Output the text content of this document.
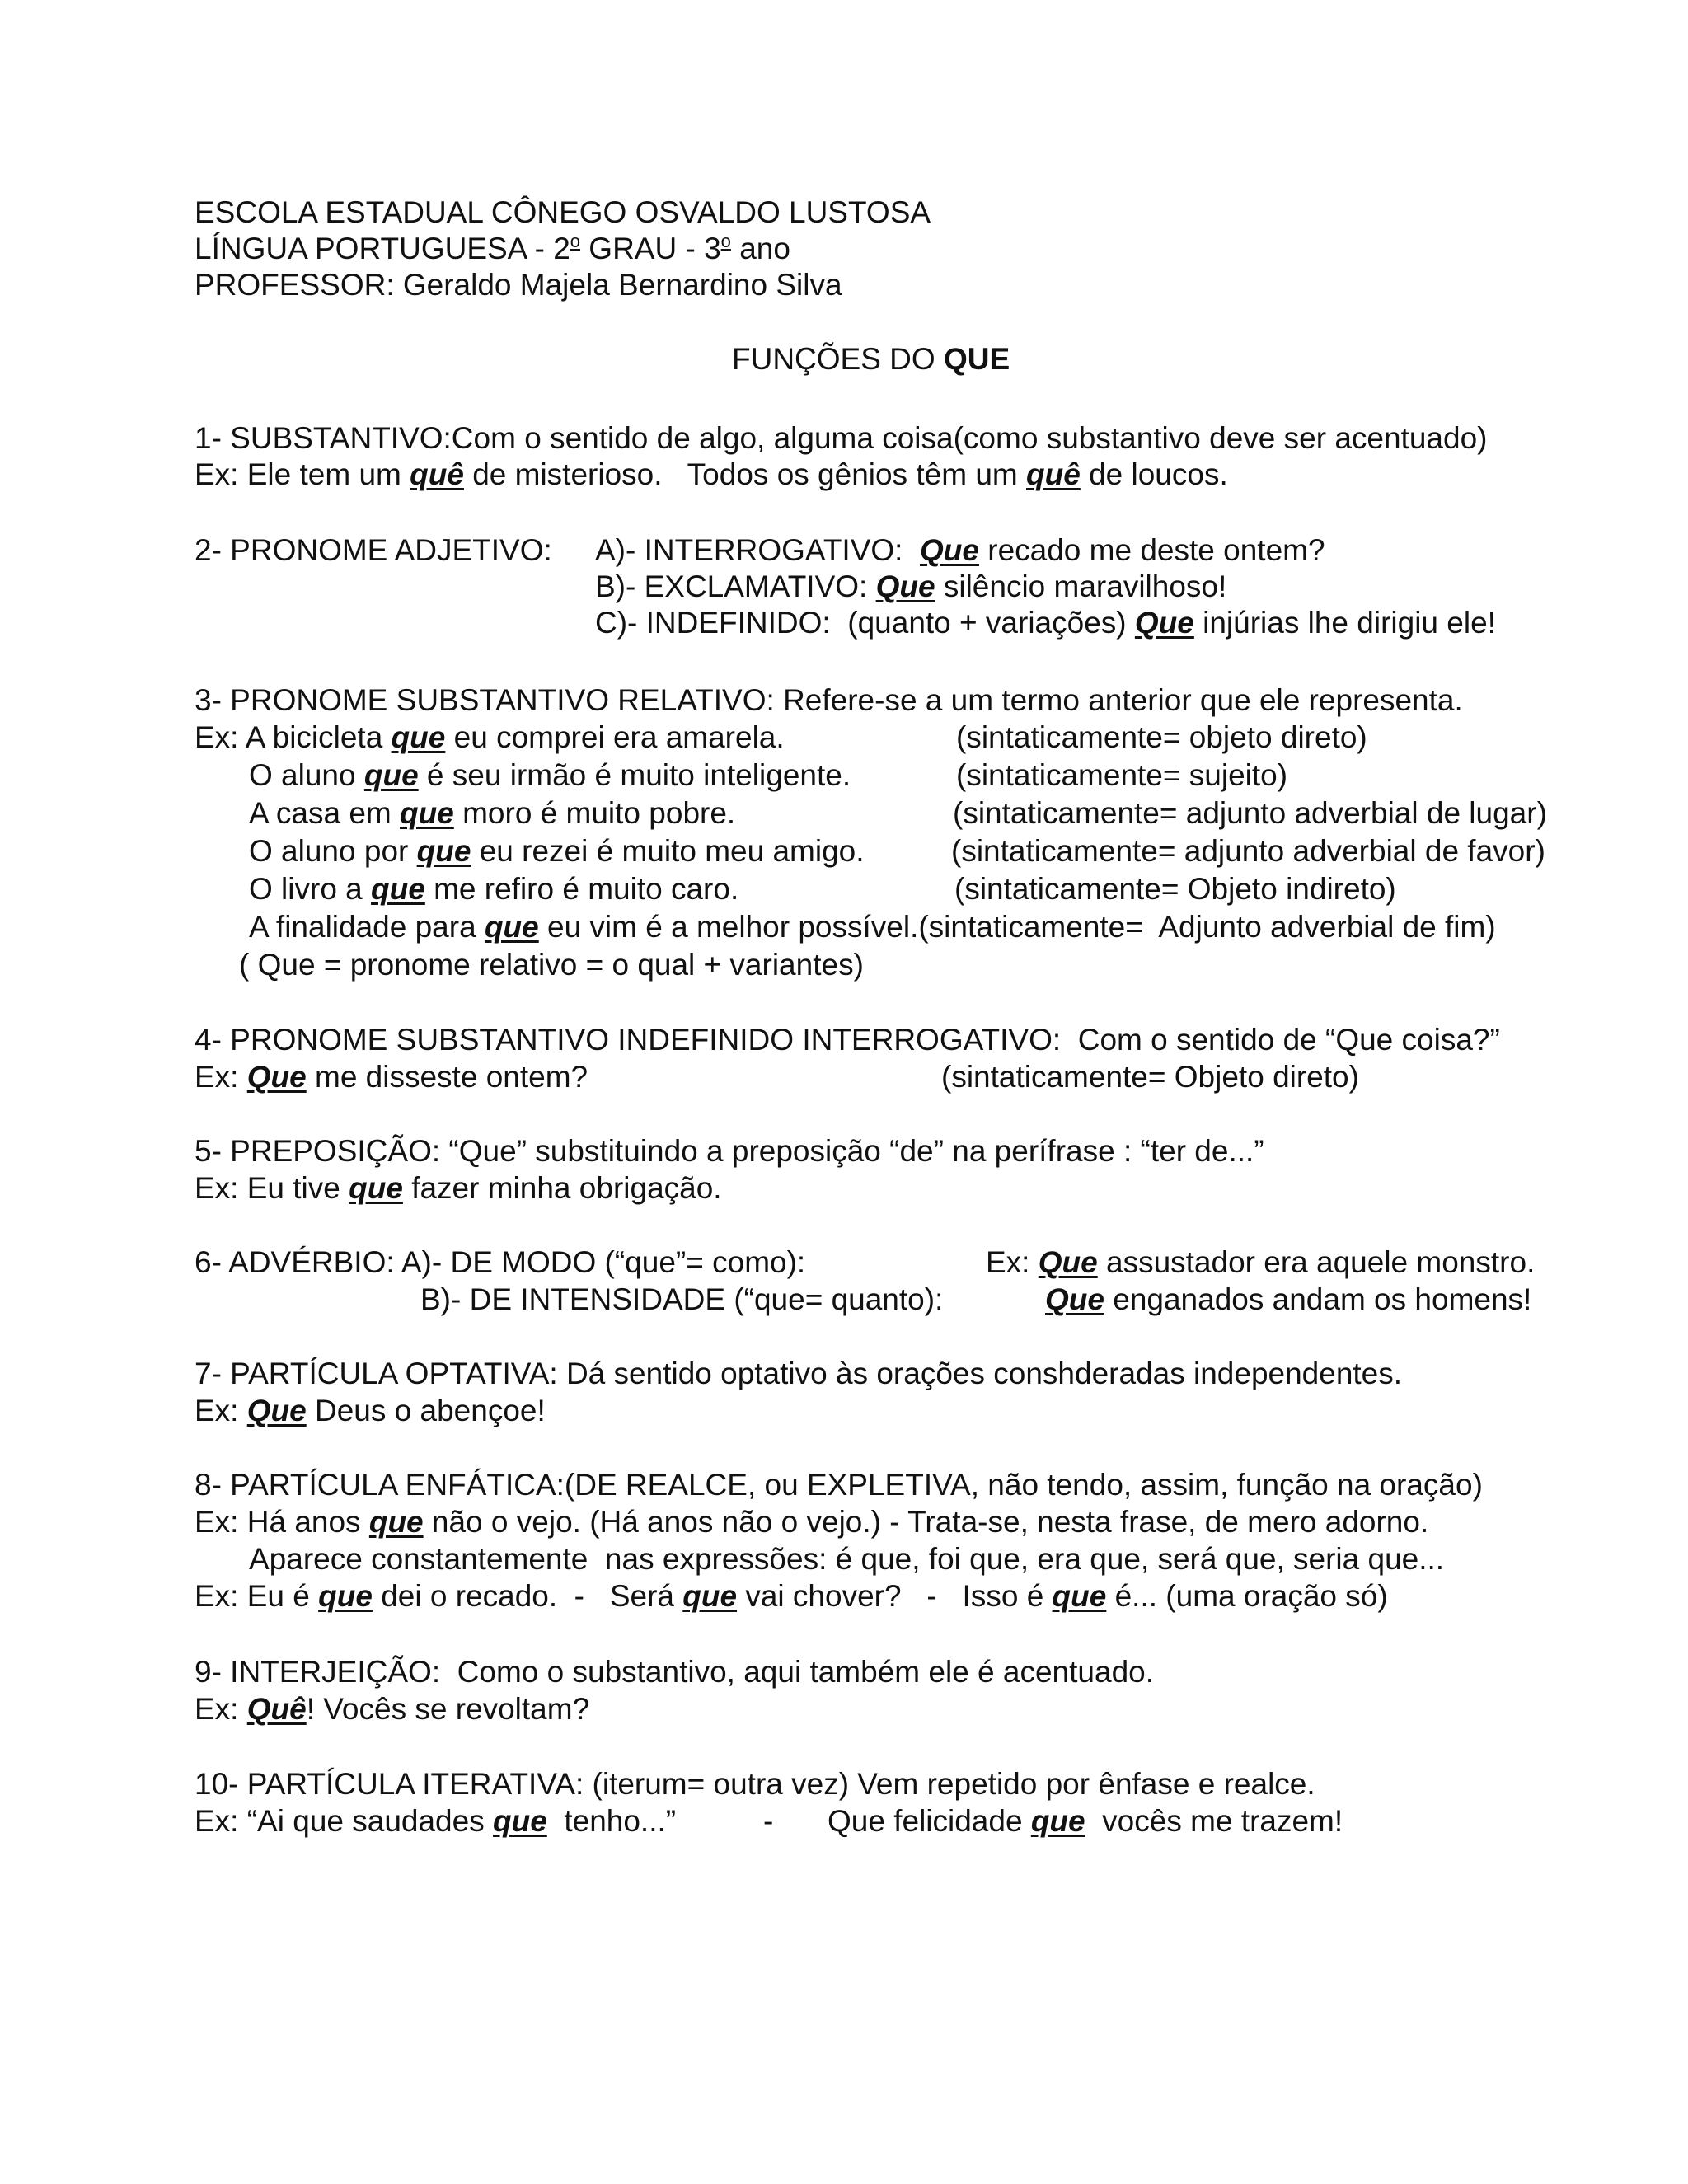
ESCOLA ESTADUAL CÔNEGO OSVALDO LUSTOSA
LÍNGUA PORTUGUESA - 2$^o$ GRAU - 3$^o$ ano
PROFESSOR: Geraldo Majela Bernardino Silva
FUNÇÕES DO QUE
1- SUBSTANTIVO:Com o sentido de algo, alguma coisa(como substantivo deve ser acentuado)
Ex: Ele tem um quê de misterioso.   Todos os gênios têm um quê de loucos.
2- PRONOME ADJETIVO: A)- INTERROGATIVO:  Que recado me deste ontem?
B)- EXCLAMATIVO: Que silêncio maravilhoso!
C)- INDEFINIDO:  (quanto + variações) Que injúrias lhe dirigiu ele!
3- PRONOME SUBSTANTIVO RELATIVO: Refere-se a um termo anterior que ele representa.
Ex: A bicicleta que eu comprei era amarela.	(sintaticamente= objeto direto)
O aluno que é seu irmão é muito inteligente.	(sintaticamente= sujeito)
A casa em que moro é muito pobre.	(sintaticamente= adjunto adverbial de lugar)
O aluno por que eu rezei é muito meu amigo.	(sintaticamente= adjunto adverbial de favor)
O livro a que me refiro é muito caro.	(sintaticamente= Objeto indireto)
A finalidade para que eu vim é a melhor possível.(sintaticamente=  Adjunto adverbial de fim)
( Que = pronome relativo = o qual + variantes)
4- PRONOME SUBSTANTIVO INDEFINIDO INTERROGATIVO:  Com o sentido de “Que coisa?”
Ex: Que me disseste ontem?	(sintaticamente= Objeto direto)
5- PREPOSIÇÃO: “Que” substituindo a preposição “de” na perífrase : “ter de...”
Ex: Eu tive que fazer minha obrigação.
6- ADVÉRBIO: A)- DE MODO (“que”= como):	Ex: Que assustador era aquele monstro.
B)- DE INTENSIDADE (“que= quanto):	Que enganados andam os homens!
7- PARTÍCULA OPTATIVA: Dá sentido optativo às orações conshderadas independentes.
Ex: Que Deus o abençoe!
8- PARTÍCULA ENFÁTICA:(DE REALCE, ou EXPLETIVA, não tendo, assim, função na oração)
Ex: Há anos que não o vejo. (Há anos não o vejo.) - Trata-se, nesta frase, de mero adorno.
Aparece constantemente  nas expressões: é que, foi que, era que, será que, seria que...
Ex: Eu é que dei o recado.  -   Será que vai chover?   -   Isso é que é... (uma oração só)
9- INTERJEIÇÃO:  Como o substantivo, aqui também ele é acentuado.
Ex: Quê! Vocês se revoltam?
10- PARTÍCULA ITERATIVA: (iterum= outra vez) Vem repetido por ênfase e realce.
Ex: “Ai que saudades que  tenho...”	- Que felicidade que  vocês me trazem!
